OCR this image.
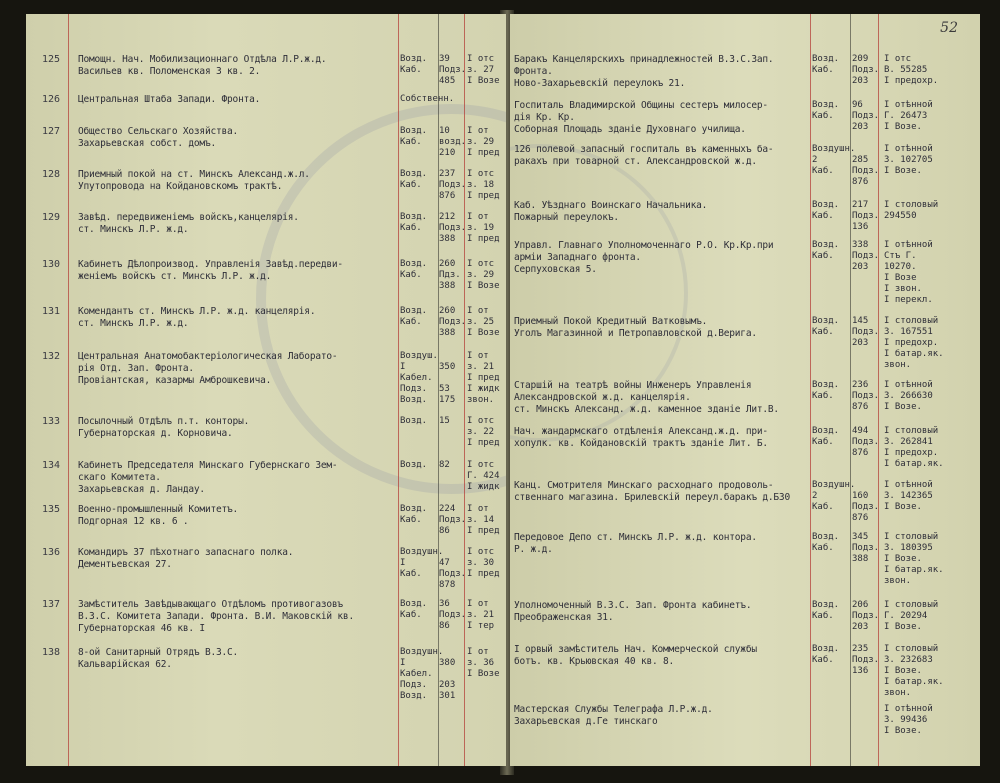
125 Помощн. Нач. Мобилизационнаго Отдѣла Л.Р.ж.д.
Васильев кв. Поломенская 3 кв. 2.
Возд.
Каб.
39
Подз.
485
I отс
з. 27
I Возе
126 Центральная Штаба Запади. Фронта.	Собственн.
127 Общество Сельскаго Хозяйства.
Захарьевская собст. домъ.
Возд.
Каб.
10
возд.
210
I от
з. 29
I пред
128 Приемный покой на ст. Минскъ Александ.ж.л.
Упутопровода на Койдановскомъ трактѣ.
Возд.
Каб.
237
Подз.
876
I отс
з. 18
I пред
129 Завѣд. передвиженіемъ войскъ,канцелярія.
ст. Минскъ Л.Р. ж.д.
Возд.
Каб.
212
Подз.
388
I от
з. 19
I пред
130 Кабинетъ Дѣлопроизвод. Управленія Завѣд.передви-
женіемъ войскъ ст. Минскъ Л.Р. ж.д.
Возд.
Каб.
260
Пдз.
388
I отс
з. 29
I Возе
131 Комендантъ ст. Минскъ Л.Р. ж.д. канцелярія.
ст. Минскъ Л.Р. ж.д.
Возд.
Каб.
260
Подз.
388
I от
з. 25
I Возе
132 Центральная Анатомобактеріологическая Лаборато-
рія Отд. Зап. Фронта.
Провіантская, казармы Амброшкевича.
Воздуш.
I
Кабел.
Подз.
Возд.

350

53
175
I от
з. 21
I пред
I жидк
звон.
133 Посылочный Отдѣлъ п.т. конторы.
Губернаторская д. Корновича.
Возд. 15 I отс
з. 22
I пред
134 Кабинетъ Председателя Минскаго Губернскаго Зем-
скаго Комитета.
Захарьевская д. Ландау.
Возд. 82 I отс
Г. 424
I жидк
135 Военно-промышленный Комитетъ.
Подгорная 12 кв. 6 .
Возд.
Каб.
224
Подз.
86
I от
з. 14
I пред
136 Командиръ 37 пѣхотнаго запаснаго полка.
Дементьевская 27.
Воздушн.
I
Каб.

47
Подз.
878
I отс
з. 30
I пред
137 Замѣститель Завѣдывающаго Отдѣломъ противогазовъ
В.З.С. Комитета Запади. Фронта. В.И. Маковскій кв.
Губернаторская 46 кв. I
Возд.
Каб.
36
Подз.
86
I от
з. 21
I тер
138 8-ой Санитарный Отрядъ В.З.С.
Кальварійская 62.
Воздушн.
I
Кабел.
Подз.
Возд.

380

203
301
I от
з. 36
I Возе
52
Баракъ Канцелярскихъ принадлежностей В.З.С.Зап.
Фронта.
Ново-Захарьевскій переулокъ 21.
Возд.
Каб.
209
Подз.
203
I отс
В. 55285
I предохр.
Госпиталь Владимирской Общины сестеръ милосер-
дія Кр. Кр.
Соборная Площадь зданіе Духовнаго училища.
Возд.
Каб.
96
Подз.
203
I отѣнной
Г. 26473
I Возе.
126 полевой запасный госпиталь въ каменныхъ ба-
ракахъ при товарной ст. Александровской ж.д.
Воздушн.
2
Каб.

285
Подз.
876
I отѣнной
З. 102705
I Возе.
Каб. Уѣзднаго Воинскаго Начальника.
Пожарный переулокъ.
Возд.
Каб.
217
Подз.
136
I столовый
294550
Управл. Главнаго Уполномоченнаго Р.О. Кр.Кр.при
арміи Западнаго фронта.
Серпуховская 5.
Возд.
Каб.
338
Подз.
203
I отѣнной
Стъ Г.
10270.
I Возе
I звон.
I перекл.
Приемный Покой Кредитный Ватковымъ.
Уголъ Магазинной и Петропавловской д.Верига.
Возд.
Каб.
145
Подз.
203
I столовый
З. 167551
I предохр.
I батар.як.
звон.
Старшій на театрѣ войны Инженеръ Управленія
Александровской ж.д. канцелярія.
ст. Минскъ Александ. ж.д. каменное зданіе Лит.В.
Возд.
Каб.
236
Подз.
876
I отѣнной
З. 266630
I Возе.
Нач. жандармскаго отдѣленія Александ.ж.д. при-
хопулк. кв. Койдановскій трактъ зданіе Лит. Б.
Возд.
Каб.
494
Подз.
876
I столовый
З. 262841
I предохр.
I батар.як.
Канц. Смотрителя Минскаго расходнаго продоволь-
ственнаго магазина. Брилевскій переул.баракъ д.Б30
Воздушн.
2
Каб.

160
Подз.
876
I отѣнной
З. 142365
I Возе.
Передовое Депо ст. Минскъ Л.Р. ж.д. контора.
Р. ж.д.
Возд.
Каб.
345
Подз.
388
I столовый
З. 180395
I Возе.
I батар.як.
звон.
Уполномоченный В.З.С. Зап. Фронта кабинетъ.
Преображенская 31.
Возд.
Каб.
206
Подз.
203
I столовый
Г. 20294
I Возе.
I орвый замѣститель Нач. Коммерческой службы
ботъ. кв. Крьювская 40 кв. 8.
Возд.
Каб.
235
Подз.
136
I столовый
З. 232683
I Возе.
I батар.як.
звон.
Мастерская Службы Телеграфа Л.Р.ж.д.
Захарьевская д.Ге тинскаго
I отѣнной
З. 99436
I Возе.
